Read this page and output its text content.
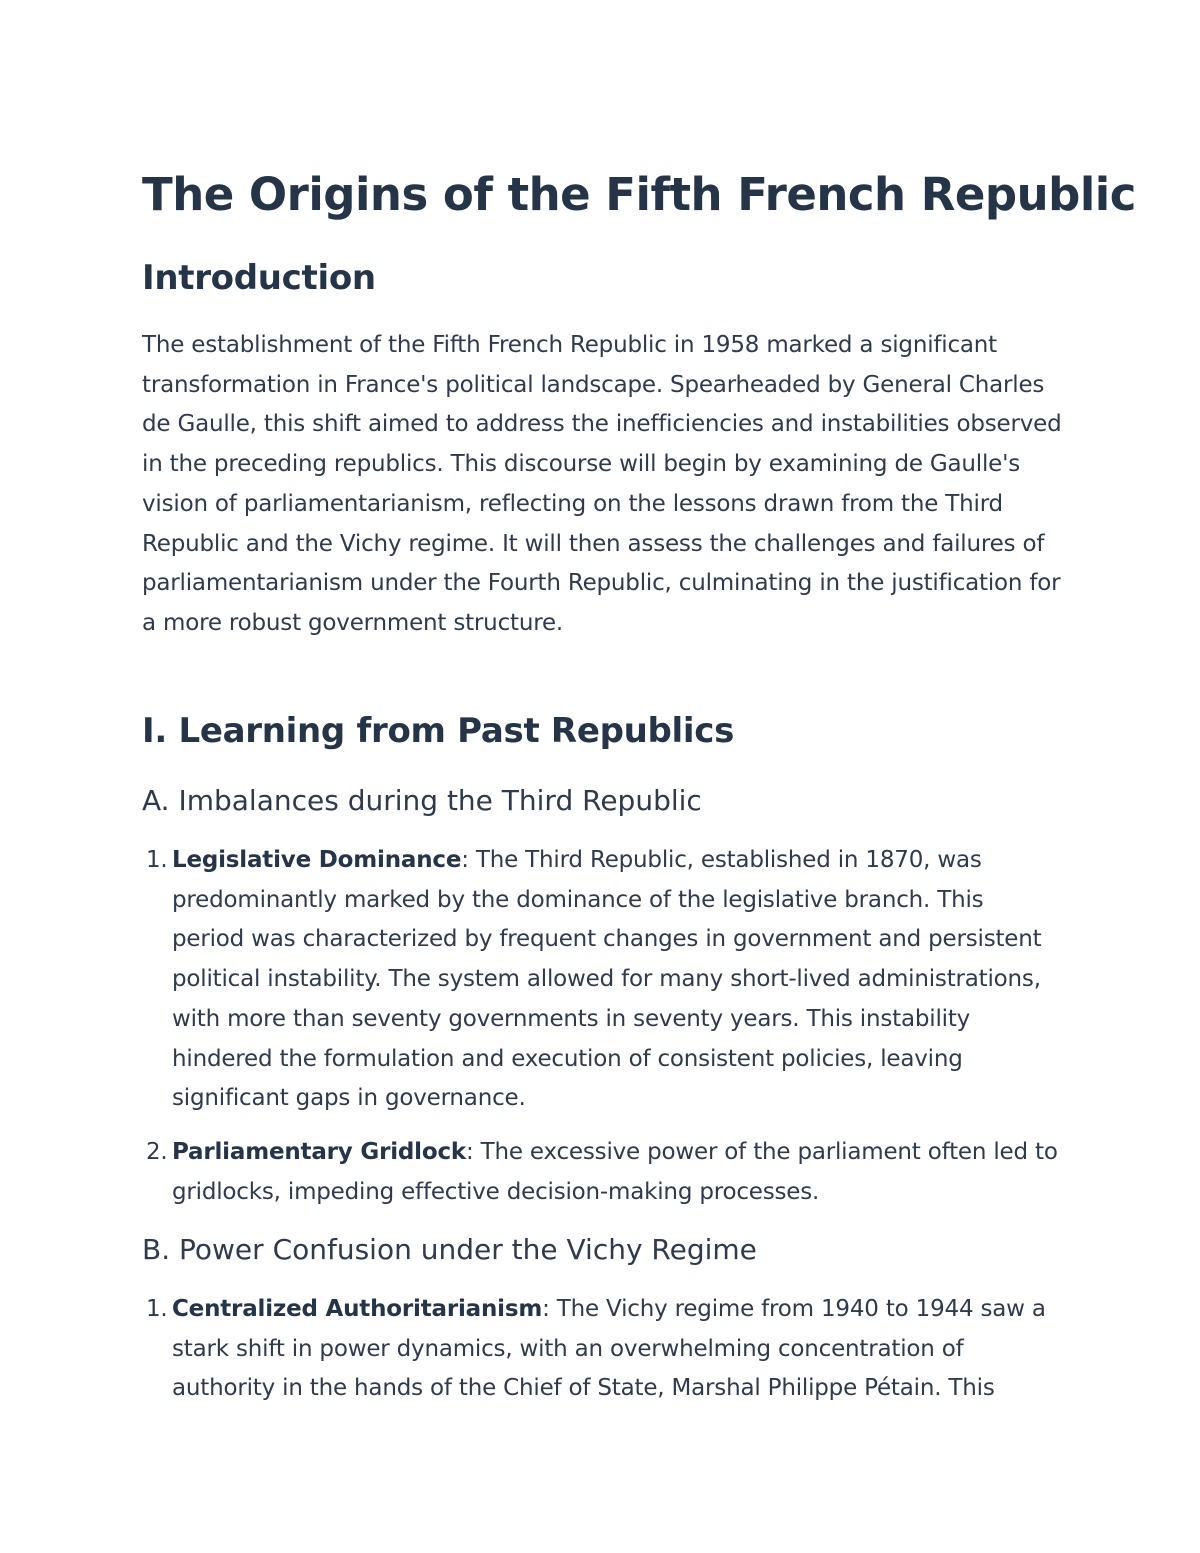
The Origins of the Fifth French Republic
Introduction

The establishment of the Fifth French Republic in 1958 marked a significant transformation in France's political landscape. Spearheaded by General Charles de Gaulle, this shift aimed to address the inefficiencies and instabilities observed in the preceding republics. This discourse will begin by examining de Gaulle's vision of parliamentarianism, reflecting on the lessons drawn from the Third Republic and the Vichy regime. It will then assess the challenges and failures of parliamentarianism under the Fourth Republic, culminating in the justification for a more robust government structure.

I. Learning from Past Republics
A. Imbalances during the Third Republic
1. Legislative Dominance: The Third Republic, established in 1870, was predominantly marked by the dominance of the legislative branch. This period was characterized by frequent changes in government and persistent political instability. The system allowed for many short-lived administrations, with more than seventy governments in seventy years. This instability hindered the formulation and execution of consistent policies, leaving significant gaps in governance.
2. Parliamentary Gridlock: The excessive power of the parliament often led to gridlocks, impeding effective decision-making processes.
B. Power Confusion under the Vichy Regime
1. Centralized Authoritarianism: The Vichy regime from 1940 to 1944 saw a stark shift in power dynamics, with an overwhelming concentration of authority in the hands of the Chief of State, Marshal Philippe Pétain. This
